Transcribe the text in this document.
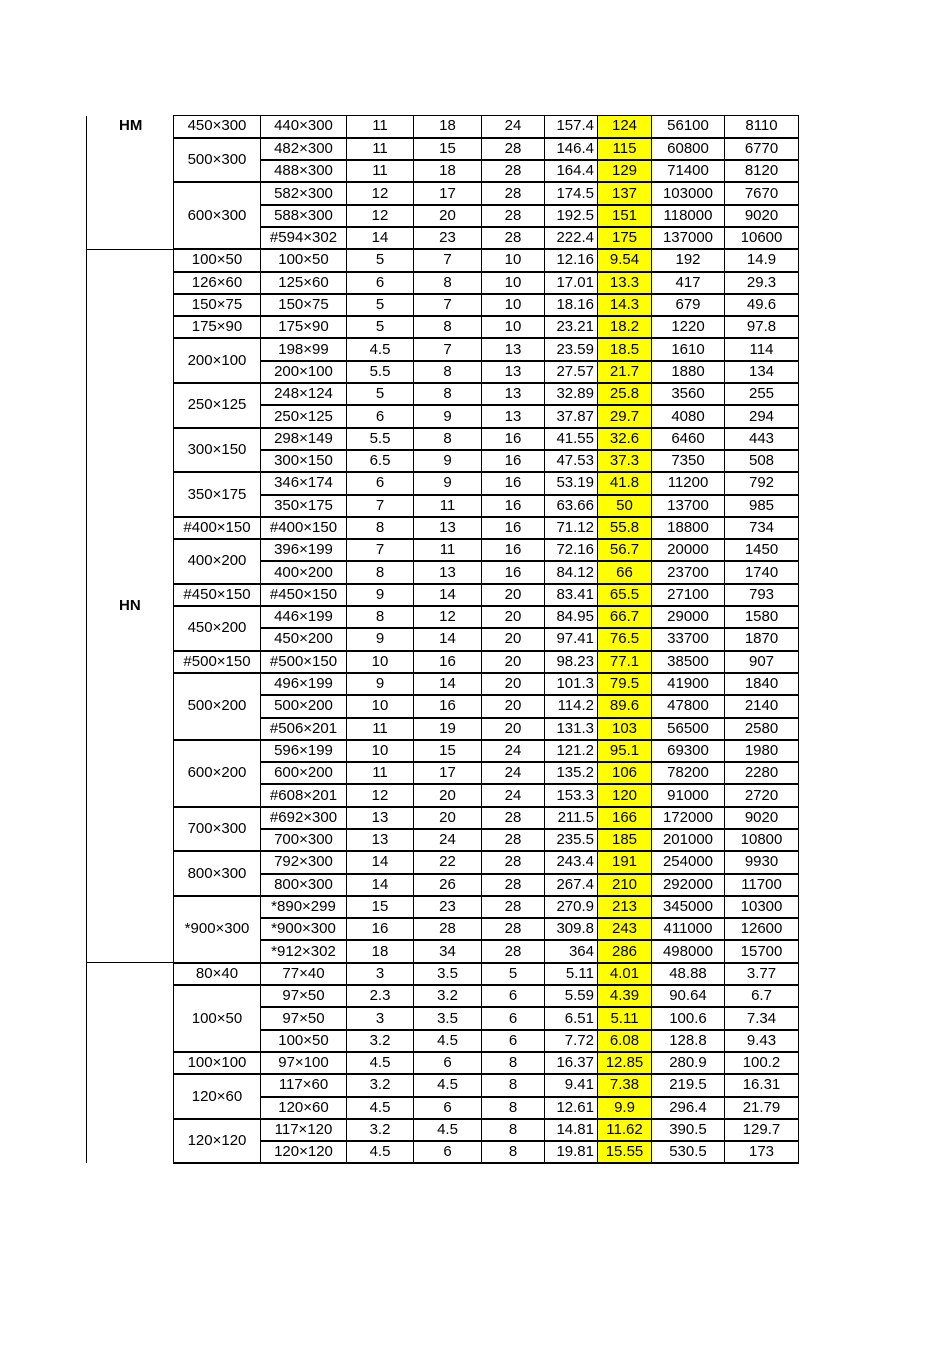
HM	450×300	440×300	11	18	24	157.4	124	56100	8110
	500×300	482×300	11	15	28	146.4	115	60800	6770
		488×300	11	18	28	164.4	129	71400	8120
	600×300	582×300	12	17	28	174.5	137	103000	7670
		588×300	12	20	28	192.5	151	118000	9020
		#594×302	14	23	28	222.4	175	137000	10600
HN	100×50	100×50	5	7	10	12.16	9.54	192	14.9
	126×60	125×60	6	8	10	17.01	13.3	417	29.3
	150×75	150×75	5	7	10	18.16	14.3	679	49.6
	175×90	175×90	5	8	10	23.21	18.2	1220	97.8
	200×100	198×99	4.5	7	13	23.59	18.5	1610	114
		200×100	5.5	8	13	27.57	21.7	1880	134
	250×125	248×124	5	8	13	32.89	25.8	3560	255
		250×125	6	9	13	37.87	29.7	4080	294
	300×150	298×149	5.5	8	16	41.55	32.6	6460	443
		300×150	6.5	9	16	47.53	37.3	7350	508
	350×175	346×174	6	9	16	53.19	41.8	11200	792
		350×175	7	11	16	63.66	50	13700	985
	#400×150	#400×150	8	13	16	71.12	55.8	18800	734
	400×200	396×199	7	11	16	72.16	56.7	20000	1450
		400×200	8	13	16	84.12	66	23700	1740
	#450×150	#450×150	9	14	20	83.41	65.5	27100	793
	450×200	446×199	8	12	20	84.95	66.7	29000	1580
		450×200	9	14	20	97.41	76.5	33700	1870
	#500×150	#500×150	10	16	20	98.23	77.1	38500	907
	500×200	496×199	9	14	20	101.3	79.5	41900	1840
		500×200	10	16	20	114.2	89.6	47800	2140
		#506×201	11	19	20	131.3	103	56500	2580
	600×200	596×199	10	15	24	121.2	95.1	69300	1980
		600×200	11	17	24	135.2	106	78200	2280
		#608×201	12	20	24	153.3	120	91000	2720
	700×300	#692×300	13	20	28	211.5	166	172000	9020
		700×300	13	24	28	235.5	185	201000	10800
	800×300	792×300	14	22	28	243.4	191	254000	9930
		800×300	14	26	28	267.4	210	292000	11700
	*900×300	*890×299	15	23	28	270.9	213	345000	10300
		*900×300	16	28	28	309.8	243	411000	12600
		*912×302	18	34	28	364	286	498000	15700
	80×40	77×40	3	3.5	5	5.11	4.01	48.88	3.77
	100×50	97×50	2.3	3.2	6	5.59	4.39	90.64	6.7
		97×50	3	3.5	6	6.51	5.11	100.6	7.34
		100×50	3.2	4.5	6	7.72	6.08	128.8	9.43
	100×100	97×100	4.5	6	8	16.37	12.85	280.9	100.2
	120×60	117×60	3.2	4.5	8	9.41	7.38	219.5	16.31
		120×60	4.5	6	8	12.61	9.9	296.4	21.79
	120×120	117×120	3.2	4.5	8	14.81	11.62	390.5	129.7
		120×120	4.5	6	8	19.81	15.55	530.5	173
